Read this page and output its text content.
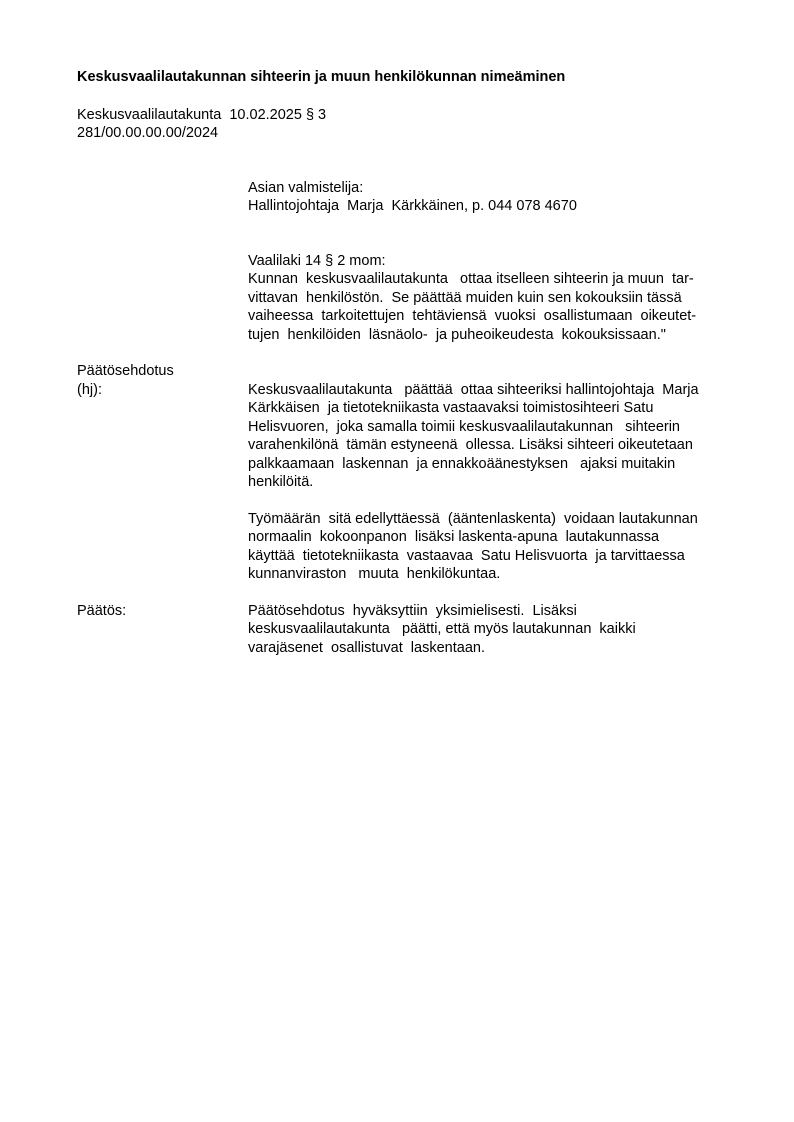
Keskusvaalilautakunnan sihteerin ja muun henkilökunnan nimeäminen
Keskusvaalilautakunta  10.02.2025 § 3
281/00.00.00.00/2024
Asian valmistelija:
Hallintojohtaja  Marja  Kärkkäinen, p. 044 078 4670
Vaalilaki 14 § 2 mom:
Kunnan  keskusvaalilautakunta   ottaa itselleen sihteerin ja muun  tar-
vittavan  henkilöstön.  Se päättää muiden kuin sen kokouksiin tässä
vaiheessa  tarkoitettujen  tehtäviensä  vuoksi  osallistumaan  oikeutet-
tujen  henkilöiden  läsnäolo-  ja puheoikeudesta  kokouksissaan."
Päätösehdotus
(hj):	Keskusvaalilautakunta   päättää  ottaa sihteeriksi hallintojohtaja  Marja
Kärkkäisen  ja tietotekniikasta vastaavaksi toimistosihteeri Satu
Helisvuoren,  joka samalla toimii keskusvaalilautakunnan   sihteerin
varahenkilönä  tämän estyneenä  ollessa. Lisäksi sihteeri oikeutetaan
palkkaamaan  laskennan  ja ennakkoäänestyksen   ajaksi muitakin
henkilöitä.
Työmäärän  sitä edellyttäessä  (ääntenlaskenta)  voidaan lautakunnan
normaalin  kokoonpanon  lisäksi laskenta-apuna  lautakunnassa
käyttää  tietotekniikasta  vastaavaa  Satu Helisvuorta  ja tarvittaessa
kunnanviraston   muuta  henkilökuntaa.
Päätös:	Päätösehdotus  hyväksyttiin  yksimielisesti.  Lisäksi
keskusvaalilautakunta   päätti, että myös lautakunnan  kaikki
varajäsenet  osallistuvat  laskentaan.
